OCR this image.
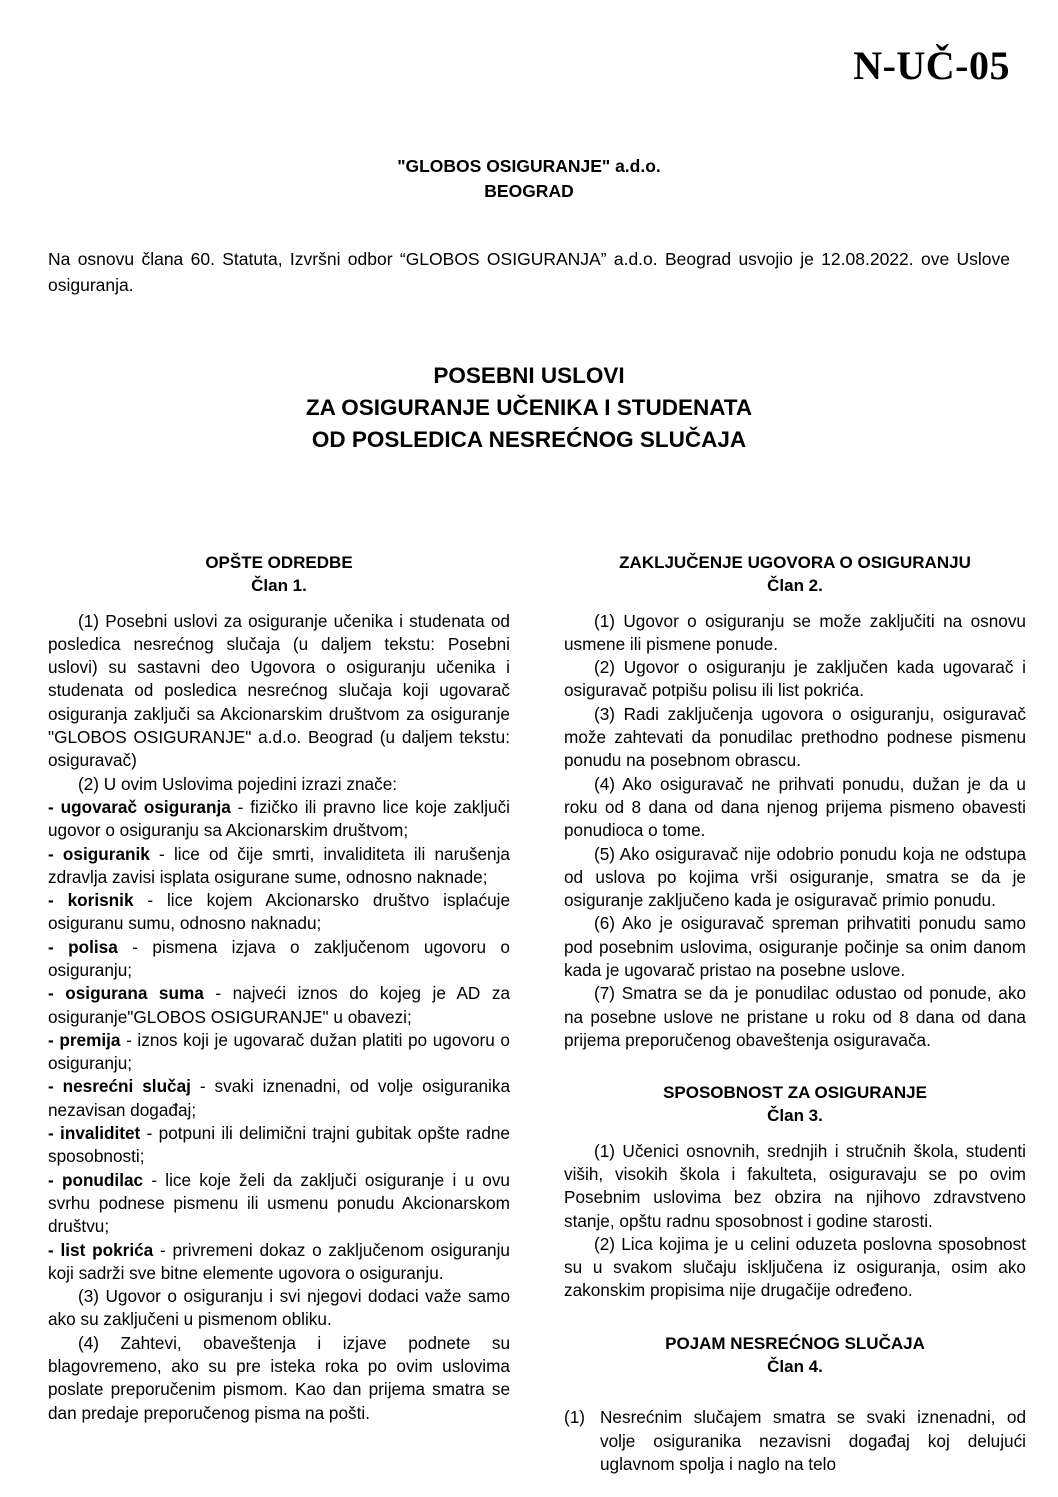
N-UČ-05
"GLOBOS OSIGURANJE" a.d.o.
BEOGRAD
Na osnovu člana 60. Statuta, Izvršni odbor “GLOBOS OSIGURANJA” a.d.o. Beograd usvojio je 12.08.2022. ove Uslove osiguranja.
POSEBNI USLOVI
ZA OSIGURANJE UČENIKA I STUDENATA
OD POSLEDICA NESREĆNOG SLUČAJA
OPŠTE ODREDBE
Član 1.

(1) Posebni uslovi za osiguranje učenika i studenata od posledica nesrećnog slučaja (u daljem tekstu: Posebni uslovi) su sastavni deo Ugovora o osiguranju učenika i studenata od posledica nesrećnog slučaja koji ugovarač osiguranja zaključi sa Akcionarskim društvom za osiguranje "GLOBOS OSIGURANJE" a.d.o. Beograd (u daljem tekstu: osiguravač)

(2) U ovim Uslovima pojedini izrazi znače:

- ugovarač osiguranja - fizičko ili pravno lice koje zaključi ugovor o osiguranju sa Akcionarskim društvom;

- osiguranik - lice od čije smrti, invaliditeta ili narušenja zdravlja zavisi isplata osigurane sume, odnosno naknade;

- korisnik - lice kojem Akcionarsko društvo isplaćuje osiguranu sumu, odnosno naknadu;

- polisa - pismena izjava o zaključenom ugovoru o osiguranju;

- osigurana suma - najveći iznos do kojeg je AD za osiguranje"GLOBOS OSIGURANJE" u obavezi;

- premija - iznos koji je ugovarač dužan platiti po ugovoru o osiguranju;

- nesrećni slučaj - svaki iznenadni, od volje osiguranika nezavisan događaj;

- invaliditet - potpuni ili delimični trajni gubitak opšte radne sposobnosti;

- ponudilac - lice koje želi da zaključi osiguranje i u ovu svrhu podnese pismenu ili usmenu ponudu Akcionarskom društvu;

- list pokrića - privremeni dokaz o zaključenom osiguranju koji sadrži sve bitne elemente ugovora o osiguranju.

(3) Ugovor o osiguranju i svi njegovi dodaci važe samo ako su zaključeni u pismenom obliku.

(4) Zahtevi, obaveštenja i izjave podnete su blagovremeno, ako su pre isteka roka po ovim uslovima poslate preporučenim pismom. Kao dan prijema smatra se dan predaje preporučenog pisma na pošti.

ZAKLJUČENJE UGOVORA O OSIGURANJU
Član 2.

(1) Ugovor o osiguranju se može zaključiti na osnovu usmene ili pismene ponude.

(2) Ugovor o osiguranju je zaključen kada ugovarač i osiguravač potpišu polisu ili list pokrića.

(3) Radi zaključenja ugovora o osiguranju, osiguravač može zahtevati da ponudilac prethodno podnese pismenu ponudu na posebnom obrascu.

(4) Ako osiguravač ne prihvati ponudu, dužan je da u roku od 8 dana od dana njenog prijema pismeno obavesti ponudioca o tome.

(5) Ako osiguravač nije odobrio ponudu koja ne odstupa od uslova po kojima vrši osiguranje, smatra se da je osiguranje zaključeno kada je osiguravač primio ponudu.

(6) Ako je osiguravač spreman prihvatiti ponudu samo pod posebnim uslovima, osiguranje počinje sa onim danom kada je ugovarač pristao na posebne uslove.

(7) Smatra se da je ponudilac odustao od ponude, ako na posebne uslove ne pristane u roku od 8 dana od dana prijema preporučenog obaveštenja osiguravača.

SPOSOBNOST ZA OSIGURANJE
Član 3.

(1) Učenici osnovnih, srednjih i stručnih škola, studenti viših, visokih škola i fakulteta, osiguravaju se po ovim Posebnim uslovima bez obzira na njihovo zdravstveno stanje, opštu radnu sposobnost i godine starosti.

(2) Lica kojima je u celini oduzeta poslovna sposobnost su u svakom slučaju isključena iz osiguranja, osim ako zakonskim propisima nije drugačije određeno.

POJAM NESREĆNOG SLUČAJA
Član 4.

(1) Nesrećnim slučajem smatra se svaki iznenadni, od volje osiguranika nezavisni događaj koj delujući uglavnom spolja i naglo na telo
